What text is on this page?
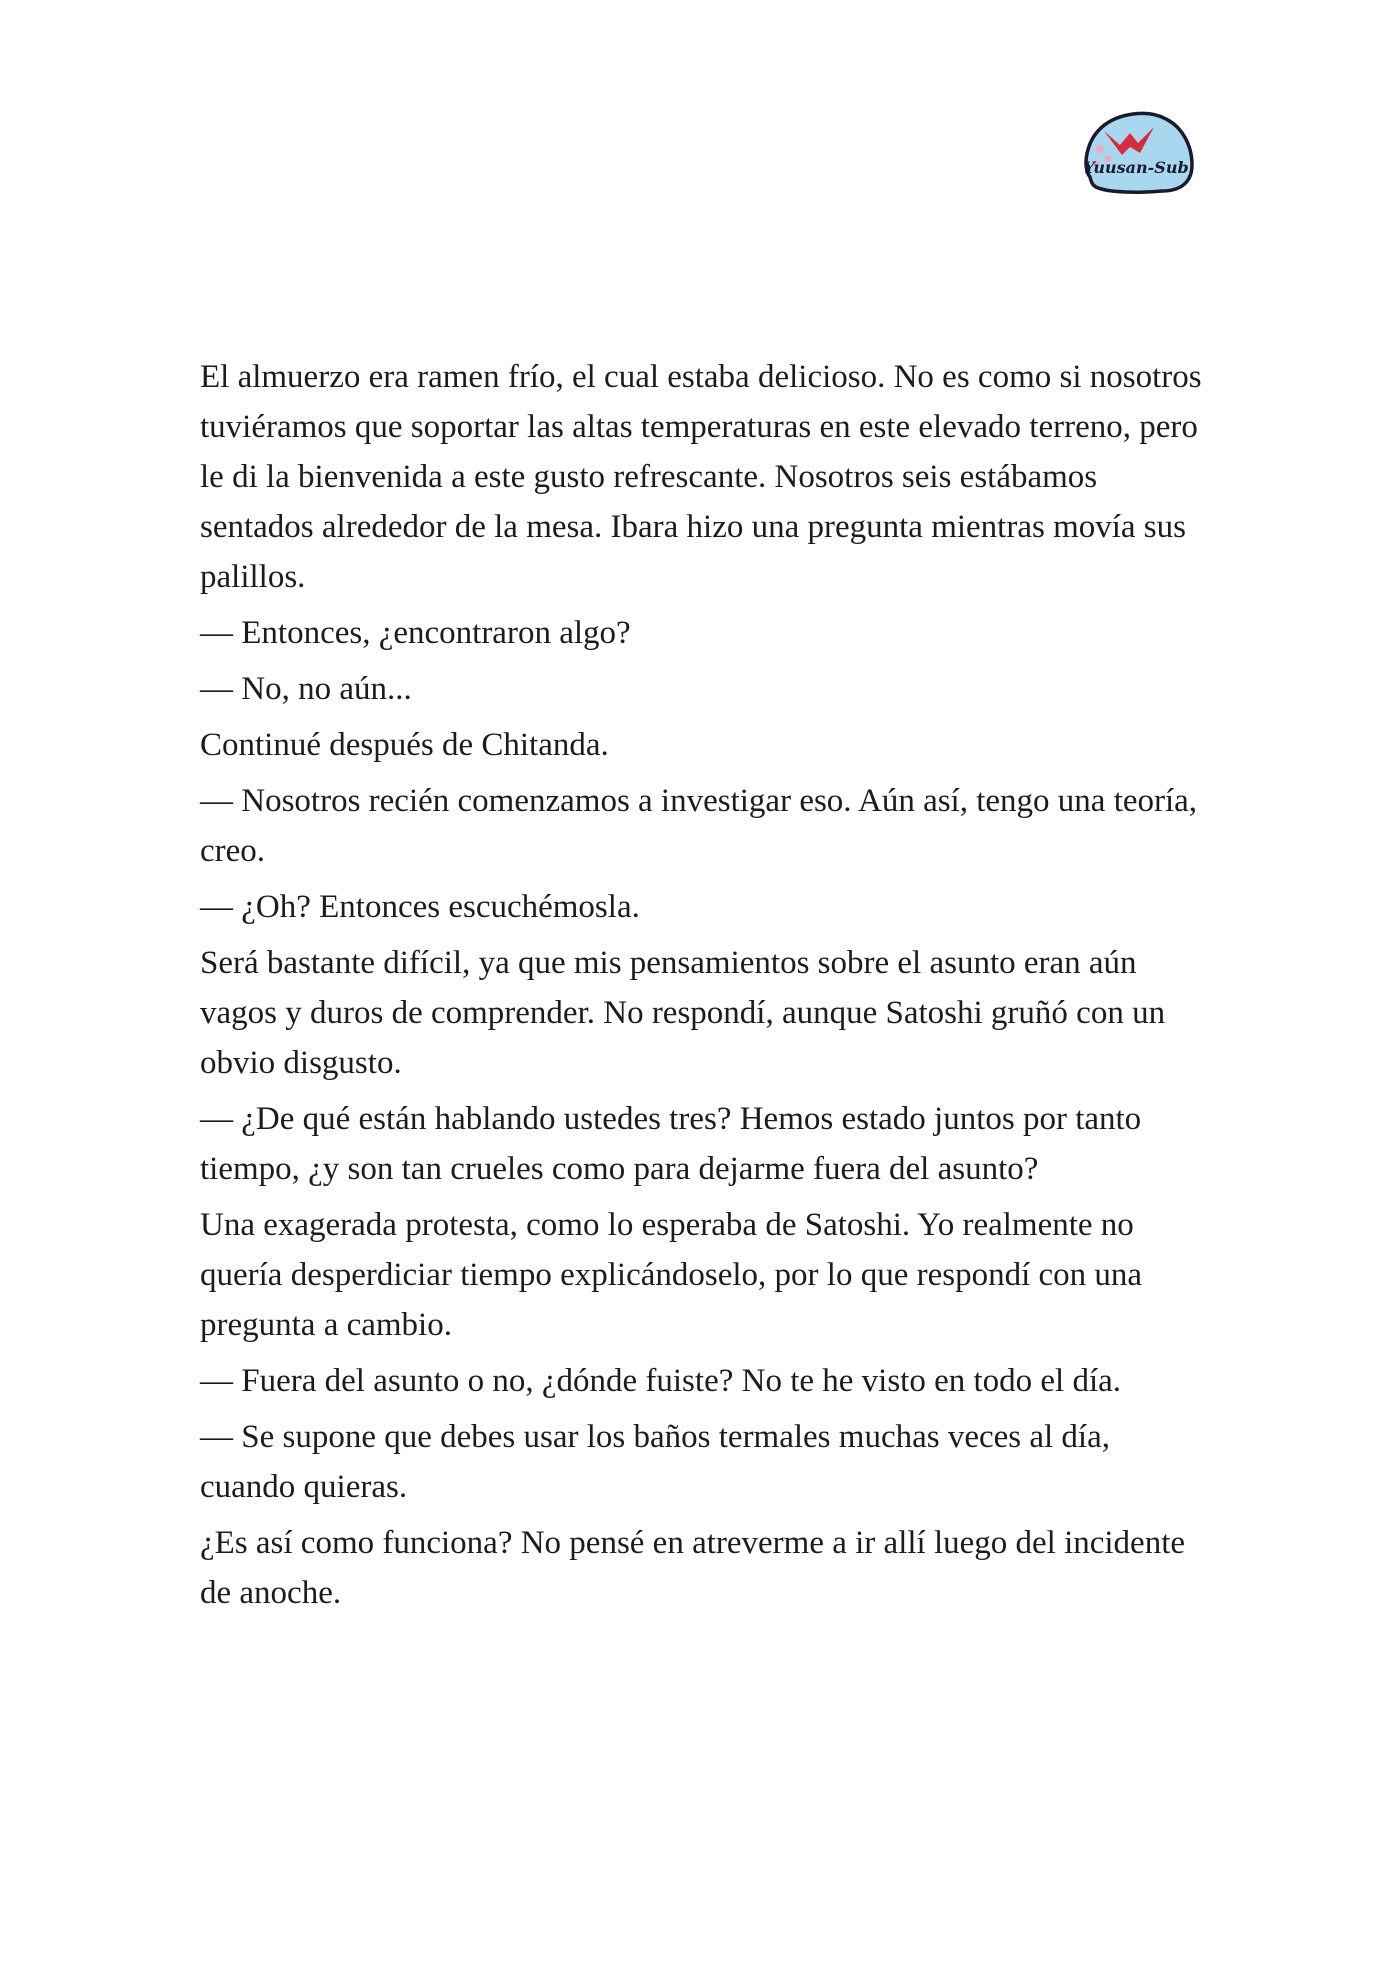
Yuusan-Sub

El almuerzo era ramen frío, el cual estaba delicioso. No es como si nosotros tuviéramos que soportar las altas temperaturas en este elevado terreno, pero le di la bienvenida a este gusto refrescante. Nosotros seis estábamos sentados alrededor de la mesa. Ibara hizo una pregunta mientras movía sus palillos.

— Entonces, ¿encontraron algo?

— No, no aún...

Continué después de Chitanda.

— Nosotros recién comenzamos a investigar eso. Aún así, tengo una teoría, creo.

— ¿Oh? Entonces escuchémosla.

Será bastante difícil, ya que mis pensamientos sobre el asunto eran aún vagos y duros de comprender. No respondí, aunque Satoshi gruñó con un obvio disgusto.

— ¿De qué están hablando ustedes tres? Hemos estado juntos por tanto tiempo, ¿y son tan crueles como para dejarme fuera del asunto?

Una exagerada protesta, como lo esperaba de Satoshi. Yo realmente no quería desperdiciar tiempo explicándoselo, por lo que respondí con una pregunta a cambio.

— Fuera del asunto o no, ¿dónde fuiste? No te he visto en todo el día.

— Se supone que debes usar los baños termales muchas veces al día, cuando quieras.

¿Es así como funciona? No pensé en atreverme a ir allí luego del incidente de anoche.
